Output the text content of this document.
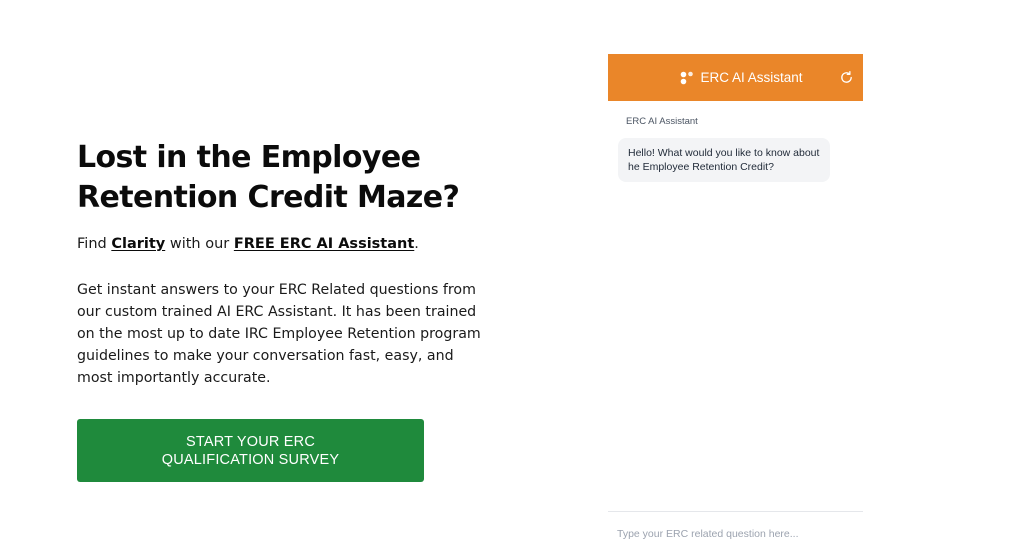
Lost in the Employee Retention Credit Maze?

Find Clarity with our FREE ERC AI Assistant.

Get instant answers to your ERC Related questions from our custom trained AI ERC Assistant. It has been trained on the most up to date IRC Employee Retention program guidelines to make your conversation fast, easy, and most importantly accurate.

START YOUR ERC QUALIFICATION SURVEY
ERC AI Assistant
ERC AI Assistant
Hello! What would you like to know about he Employee Retention Credit?
Type your ERC related question here...
